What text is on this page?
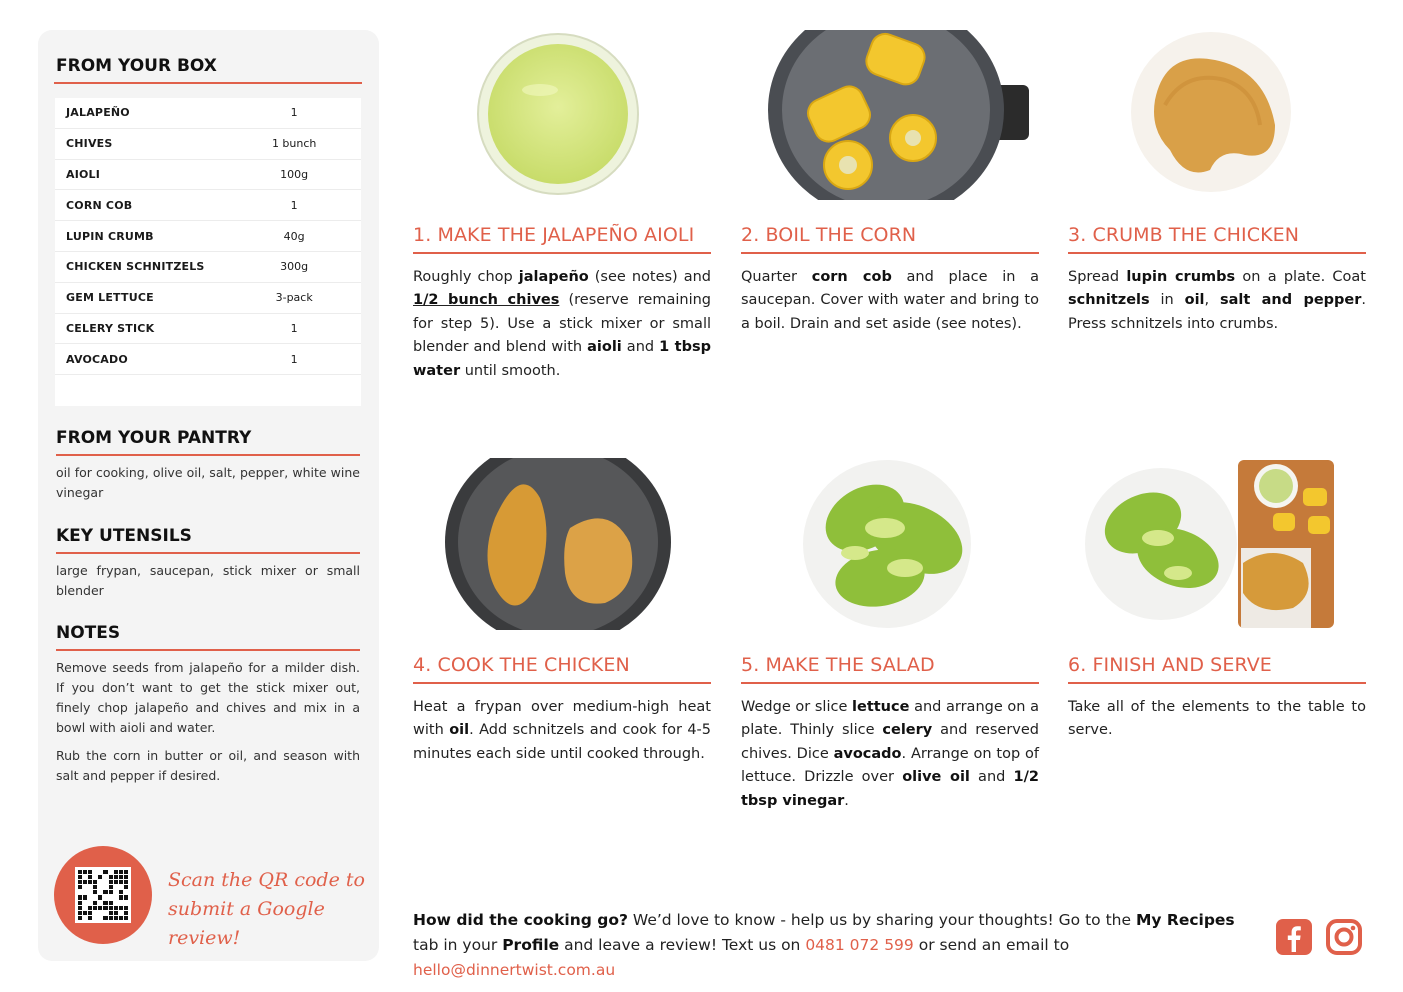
FROM YOUR BOX
JALAPEÑO	1
CHIVES	1 bunch
AIOLI	100g
CORN COB	1
LUPIN CRUMB	40g
CHICKEN SCHNITZELS	300g
GEM LETTUCE	3-pack
CELERY STICK	1
AVOCADO	1
FROM YOUR PANTRY
oil for cooking, olive oil, salt, pepper, white wine vinegar
KEY UTENSILS
large frypan, saucepan, stick mixer or small blender
NOTES
Remove seeds from jalapeño for a milder dish. If you don’t want to get the stick mixer out, finely chop jalapeño and chives and mix in a bowl with aioli and water.
Rub the corn in butter or oil, and season with salt and pepper if desired.
Scan the QR code to
submit a Google review!
1. MAKE THE JALAPEÑO AIOLI
Roughly chop jalapeño (see notes) and 1/2 bunch chives (reserve remaining for step 5). Use a stick mixer or small blender and blend with aioli and 1 tbsp water until smooth.
2. BOIL THE CORN
Quarter corn cob and place in a saucepan. Cover with water and bring to a boil. Drain and set aside (see notes).
3. CRUMB THE CHICKEN
Spread lupin crumbs on a plate. Coat schnitzels in oil, salt and pepper. Press schnitzels into crumbs.
4. COOK THE CHICKEN
Heat a frypan over medium-high heat with oil. Add schnitzels and cook for 4-5 minutes each side until cooked through.
5. MAKE THE SALAD
Wedge or slice lettuce and arrange on a plate. Thinly slice celery and reserved chives. Dice avocado. Arrange on top of lettuce. Drizzle over olive oil and 1/2 tbsp vinegar.
6. FINISH AND SERVE
Take all of the elements to the table to serve.
How did the cooking go? We’d love to know - help us by sharing your thoughts! Go to the My Recipes tab in your Profile and leave a review! Text us on 0481 072 599 or send an email to hello@dinnertwist.com.au
